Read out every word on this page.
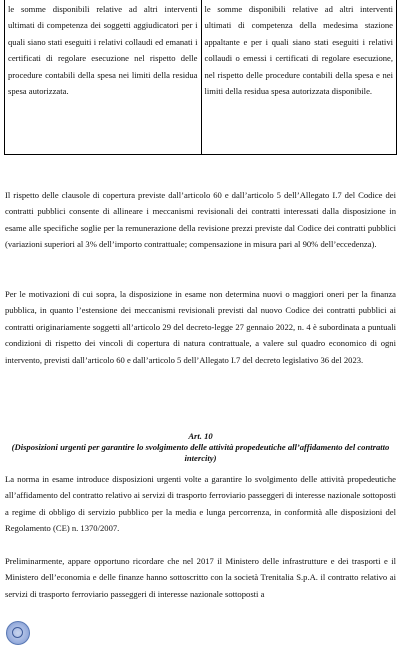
le somme disponibili relative ad altri interventi ultimati di competenza dei soggetti aggiudicatori per i quali siano stati eseguiti i relativi collaudi ed emanati i certificati di regolare esecuzione nel rispetto delle procedure contabili della spesa nei limiti della residua spesa autorizzata.
le somme disponibili relative ad altri interventi ultimati di competenza della medesima stazione appaltante e per i quali siano stati eseguiti i relativi collaudi o emessi i certificati di regolare esecuzione, nel rispetto delle procedure contabili della spesa e nei limiti della residua spesa autorizzata disponibile.

Il rispetto delle clausole di copertura previste dall’articolo 60 e dall’articolo 5 dell’Allegato I.7 del Codice dei contratti pubblici consente di allineare i meccanismi revisionali dei contratti interessati dalla disposizione in esame alle specifiche soglie per la remunerazione della revisione prezzi previste dal Codice dei contratti pubblici (variazioni superiori al 3% dell’importo contrattuale; compensazione in misura pari al 90% dell’eccedenza).

Per le motivazioni di cui sopra, la disposizione in esame non determina nuovi o maggiori oneri per la finanza pubblica, in quanto l’estensione dei meccanismi revisionali previsti dal nuovo Codice dei contratti pubblici ai contratti originariamente soggetti all’articolo 29 del decreto-legge 27 gennaio 2022, n. 4 è subordinata a puntuali condizioni di rispetto dei vincoli di copertura di natura contrattuale, a valere sul quadro economico di ogni intervento, previsti dall’articolo 60 e dall’articolo 5 dell’Allegato I.7 del decreto legislativo 36 del 2023.

Art. 10

(Disposizioni urgenti per garantire lo svolgimento delle attività propedeutiche all’affidamento del contratto intercity)

La norma in esame introduce disposizioni urgenti volte a garantire lo svolgimento delle attività propedeutiche all’affidamento del contratto relativo ai servizi di trasporto ferroviario passeggeri di interesse nazionale sottoposti a regime di obbligo di servizio pubblico per la media e lunga percorrenza, in conformità alle disposizioni del Regolamento (CE) n. 1370/2007.

Preliminarmente, appare opportuno ricordare che nel 2017 il Ministero delle infrastrutture e dei trasporti e il Ministero dell’economia e delle finanze hanno sottoscritto con la società Trenitalia S.p.A. il contratto relativo ai servizi di trasporto ferroviario passeggeri di interesse nazionale sottoposti a
